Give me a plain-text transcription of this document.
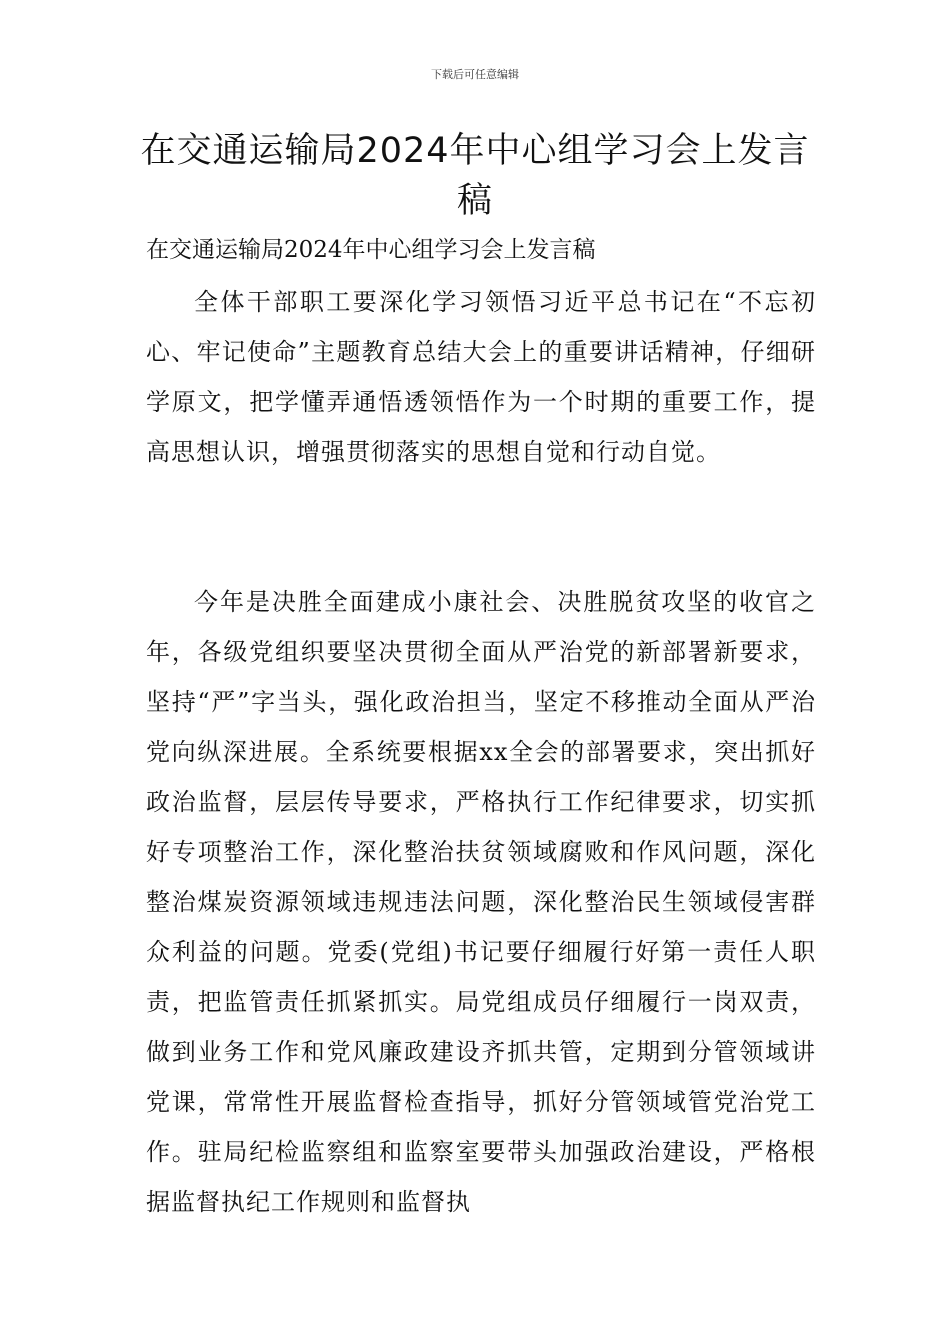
下载后可任意编辑
在交通运输局2024年中心组学习会上发言稿

在交通运输局2024年中心组学习会上发言稿

全体干部职工要深化学习领悟习近平总书记在“不忘初心、牢记使命”主题教育总结大会上的重要讲话精神，仔细研学原文，把学懂弄通悟透领悟作为一个时期的重要工作，提高思想认识，增强贯彻落实的思想自觉和行动自觉。

今年是决胜全面建成小康社会、决胜脱贫攻坚的收官之年，各级党组织要坚决贯彻全面从严治党的新部署新要求，坚持“严”字当头，强化政治担当，坚定不移推动全面从严治党向纵深进展。全系统要根据xx全会的部署要求，突出抓好政治监督，层层传导要求，严格执行工作纪律要求，切实抓好专项整治工作，深化整治扶贫领域腐败和作风问题，深化整治煤炭资源领域违规违法问题，深化整治民生领域侵害群众利益的问题。党委(党组)书记要仔细履行好第一责任人职责，把监管责任抓紧抓实。局党组成员仔细履行一岗双责，做到业务工作和党风廉政建设齐抓共管，定期到分管领域讲党课，常常性开展监督检查指导，抓好分管领域管党治党工作。驻局纪检监察组和监察室要带头加强政治建设，严格根据监督执纪工作规则和监督执
